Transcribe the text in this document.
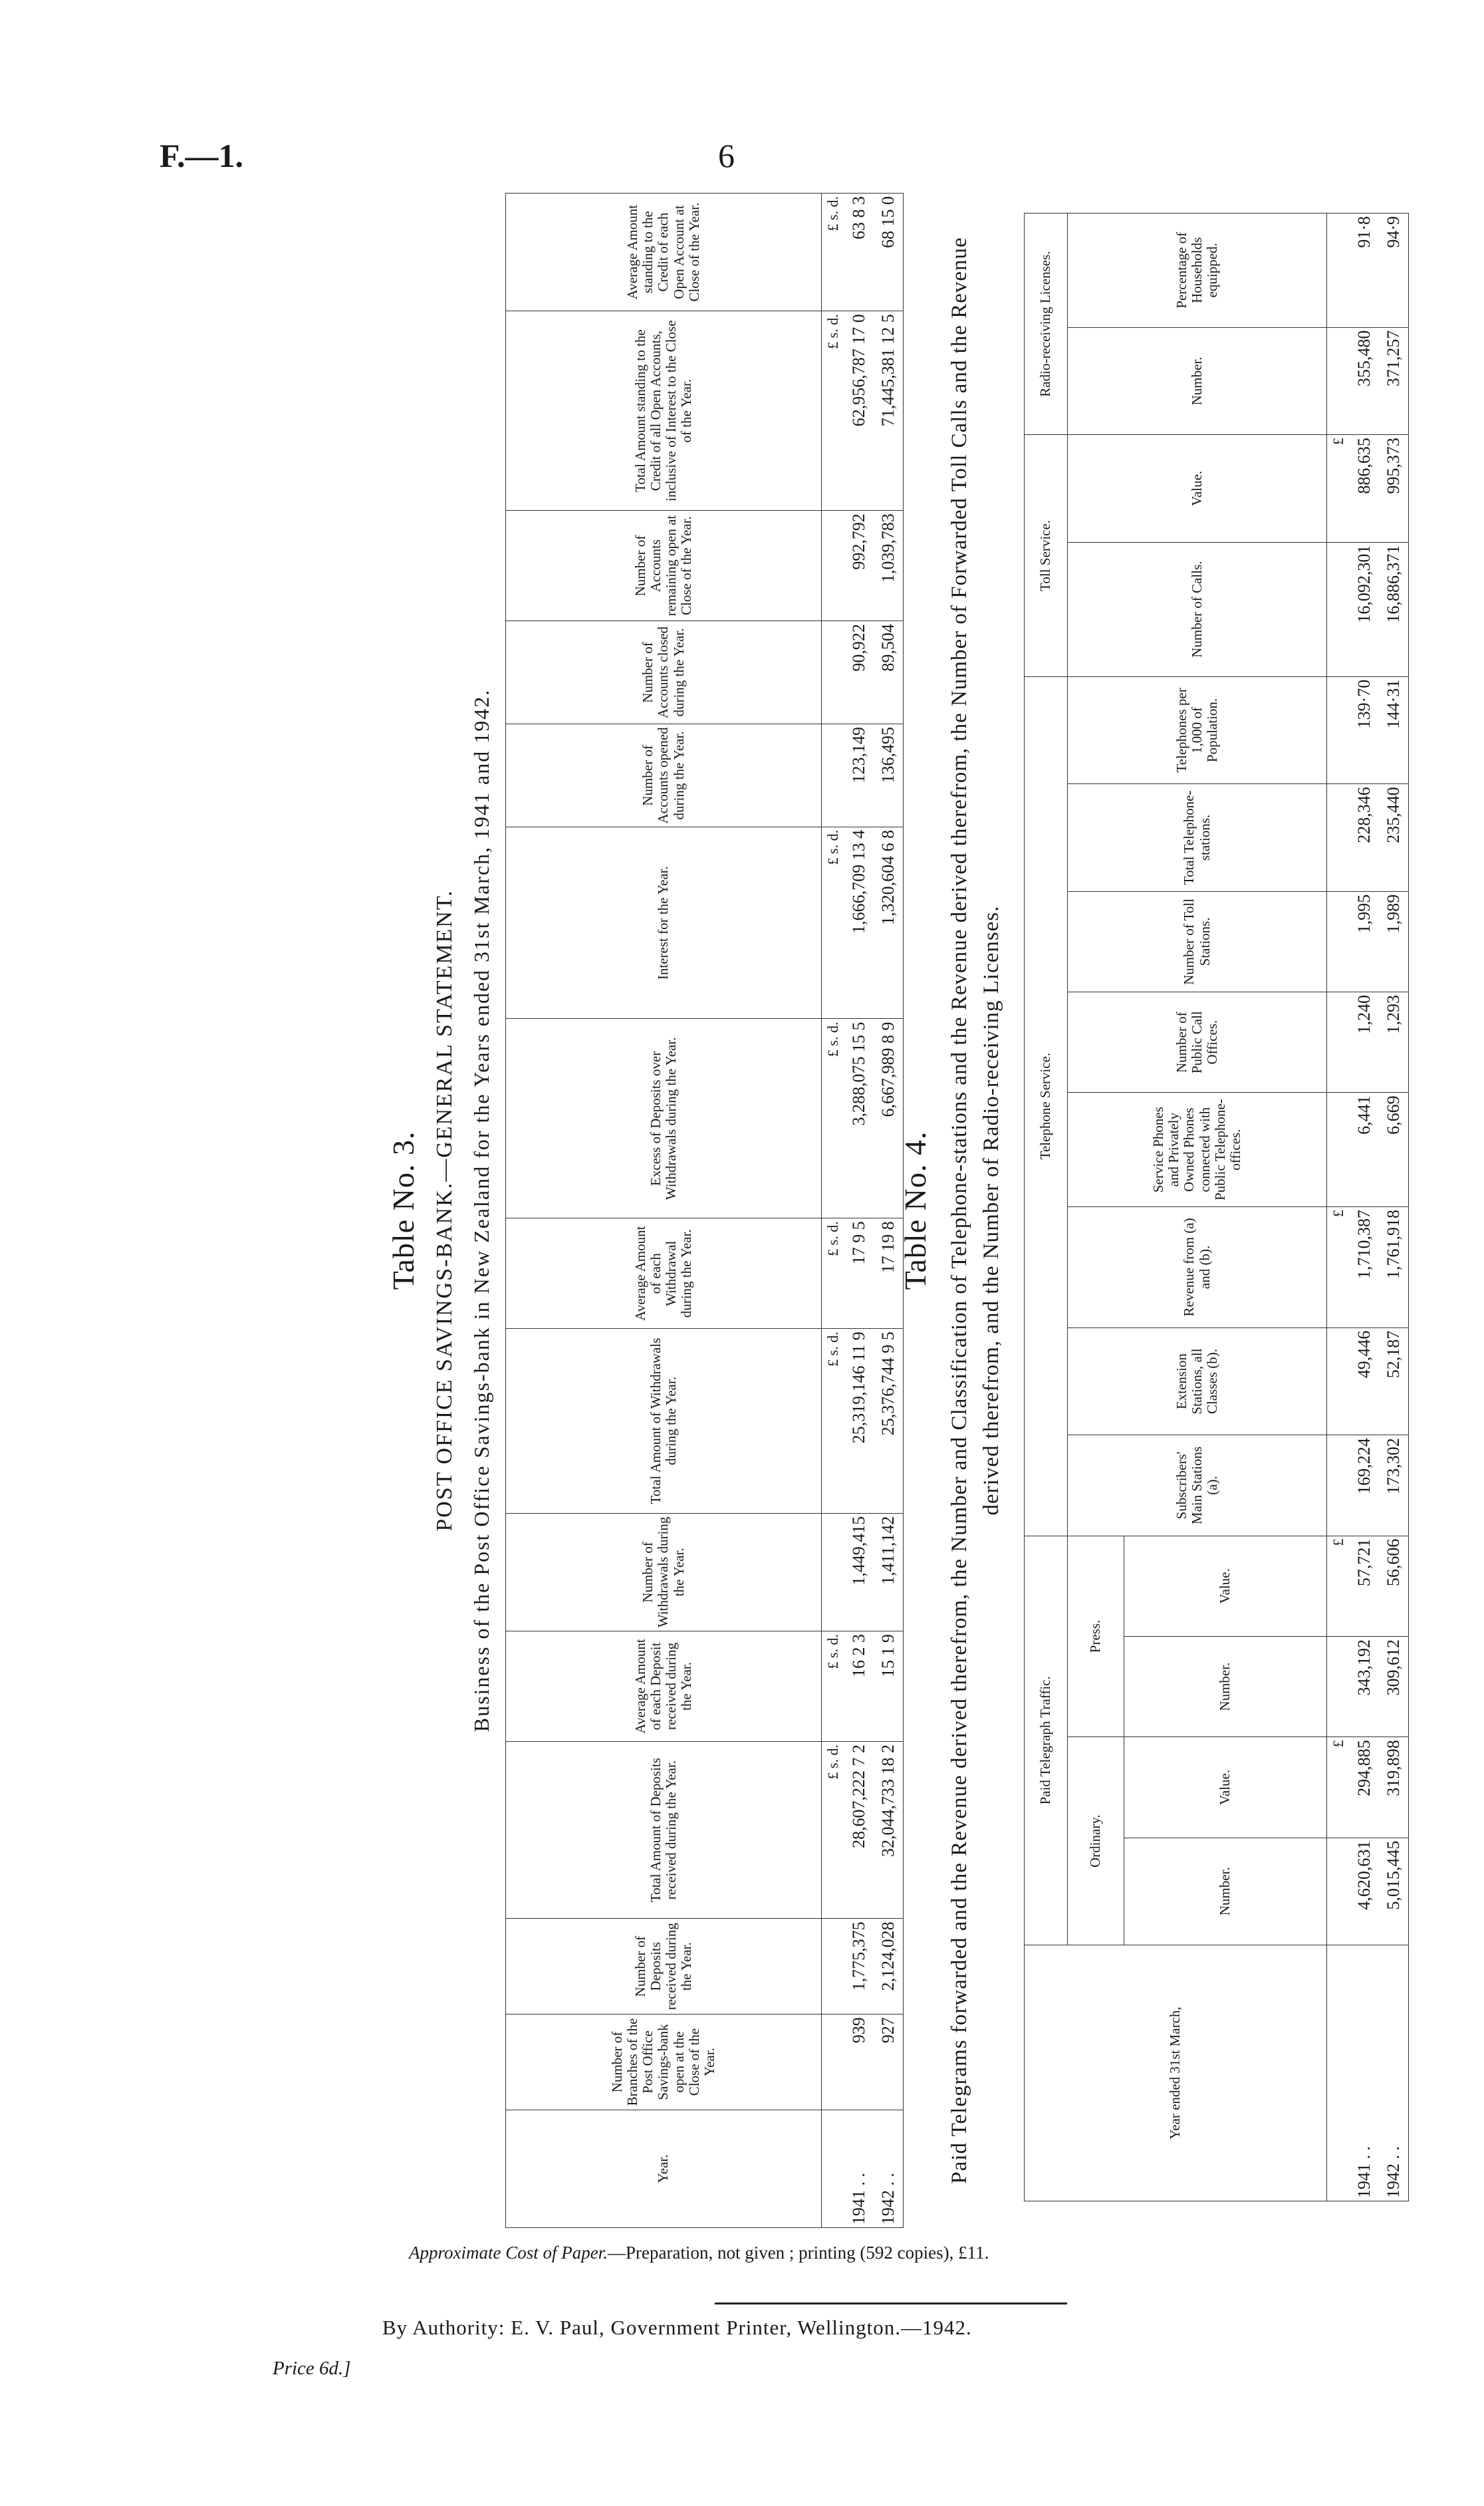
F.—1.	6
Table No. 3. POST OFFICE SAVINGS-BANK.—GENERAL STATEMENT. Business of the Post Office Savings-bank in New Zealand for the Years ended 31st March, 1941 and 1942.
Year.	Number of Branches of the Post Office Savings-bank open at the Close of the Year.	Number of Deposits received during the Year.	Total Amount of Deposits received during the Year.	Average Amount of each Deposit received during the Year.	Number of Withdrawals during the Year.	Total Amount of Withdrawals during the Year.	Average Amount of each Withdrawal during the Year.	Excess of Deposits over Withdrawals during the Year.	Interest for the Year.	Number of Accounts opened during the Year.	Number of Accounts closed during the Year.	Number of Accounts remaining open at Close of the Year.	Total Amount standing to the Credit of all Open Accounts, inclusive of Interest to the Close of the Year.	Average Amount standing to the Credit of each Open Account at Close of the Year.
			£ s. d.	£ s. d.		£ s. d.	£ s. d.	£ s. d.	£ s. d.				£ s. d.	£ s. d.
1941 . .	939	1,775,375	28,607,222 7 2	16 2 3	1,449,415	25,319,146 11 9	17 9 5	3,288,075 15 5	1,666,709 13 4	123,149	90,922	992,792	62,956,787 17 0	63 8 3
1942 . .	927	2,124,028	32,044,733 18 2	15 1 9	1,411,142	25,376,744 9 5	17 19 8	6,667,989 8 9	1,320,604 6 8	136,495	89,504	1,039,783	71,445,381 12 5	68 15 0
Table No. 4. Paid Telegrams forwarded and the Revenue derived therefrom, the Number and Classification of Telephone-stations and the Revenue derived therefrom, the Number of Forwarded Toll Calls and the Revenue derived therefrom, and the Number of Radio-receiving Licenses.
Year ended 31st March,	Paid Telegraph Traffic.				Telephone Service.								Toll Service.		Radio-receiving Licenses.	
	Ordinary.		Press.		Subscribers' Main Stations (a).	Extension Stations, all Classes (b).	Revenue from (a) and (b).	Service Phones and Privately Owned Phones connected with Public Telephone-offices.	Number of Public Call Offices.	Number of Toll Stations.	Total Telephone-stations.	Telephones per 1,000 of Population.	Number of Calls.	Value.	Number.	Percentage of Households equipped.
	Number.	Value.	Number.	Value.												
		£		£			£							£		
1941 . .	4,620,631	294,885	343,192	57,721	169,224	49,446	1,710,387	6,441	1,240	1,995	228,346	139·70	16,092,301	886,635	355,480	91·8
1942 . .	5,015,445	319,898	309,612	56,606	173,302	52,187	1,761,918	6,669	1,293	1,989	235,440	144·31	16,886,371	995,373	371,257	94·9
Approximate Cost of Paper.—Preparation, not given ; printing (592 copies), £11.
By Authority: E. V. Paul, Government Printer, Wellington.—1942.
Price 6d.]
